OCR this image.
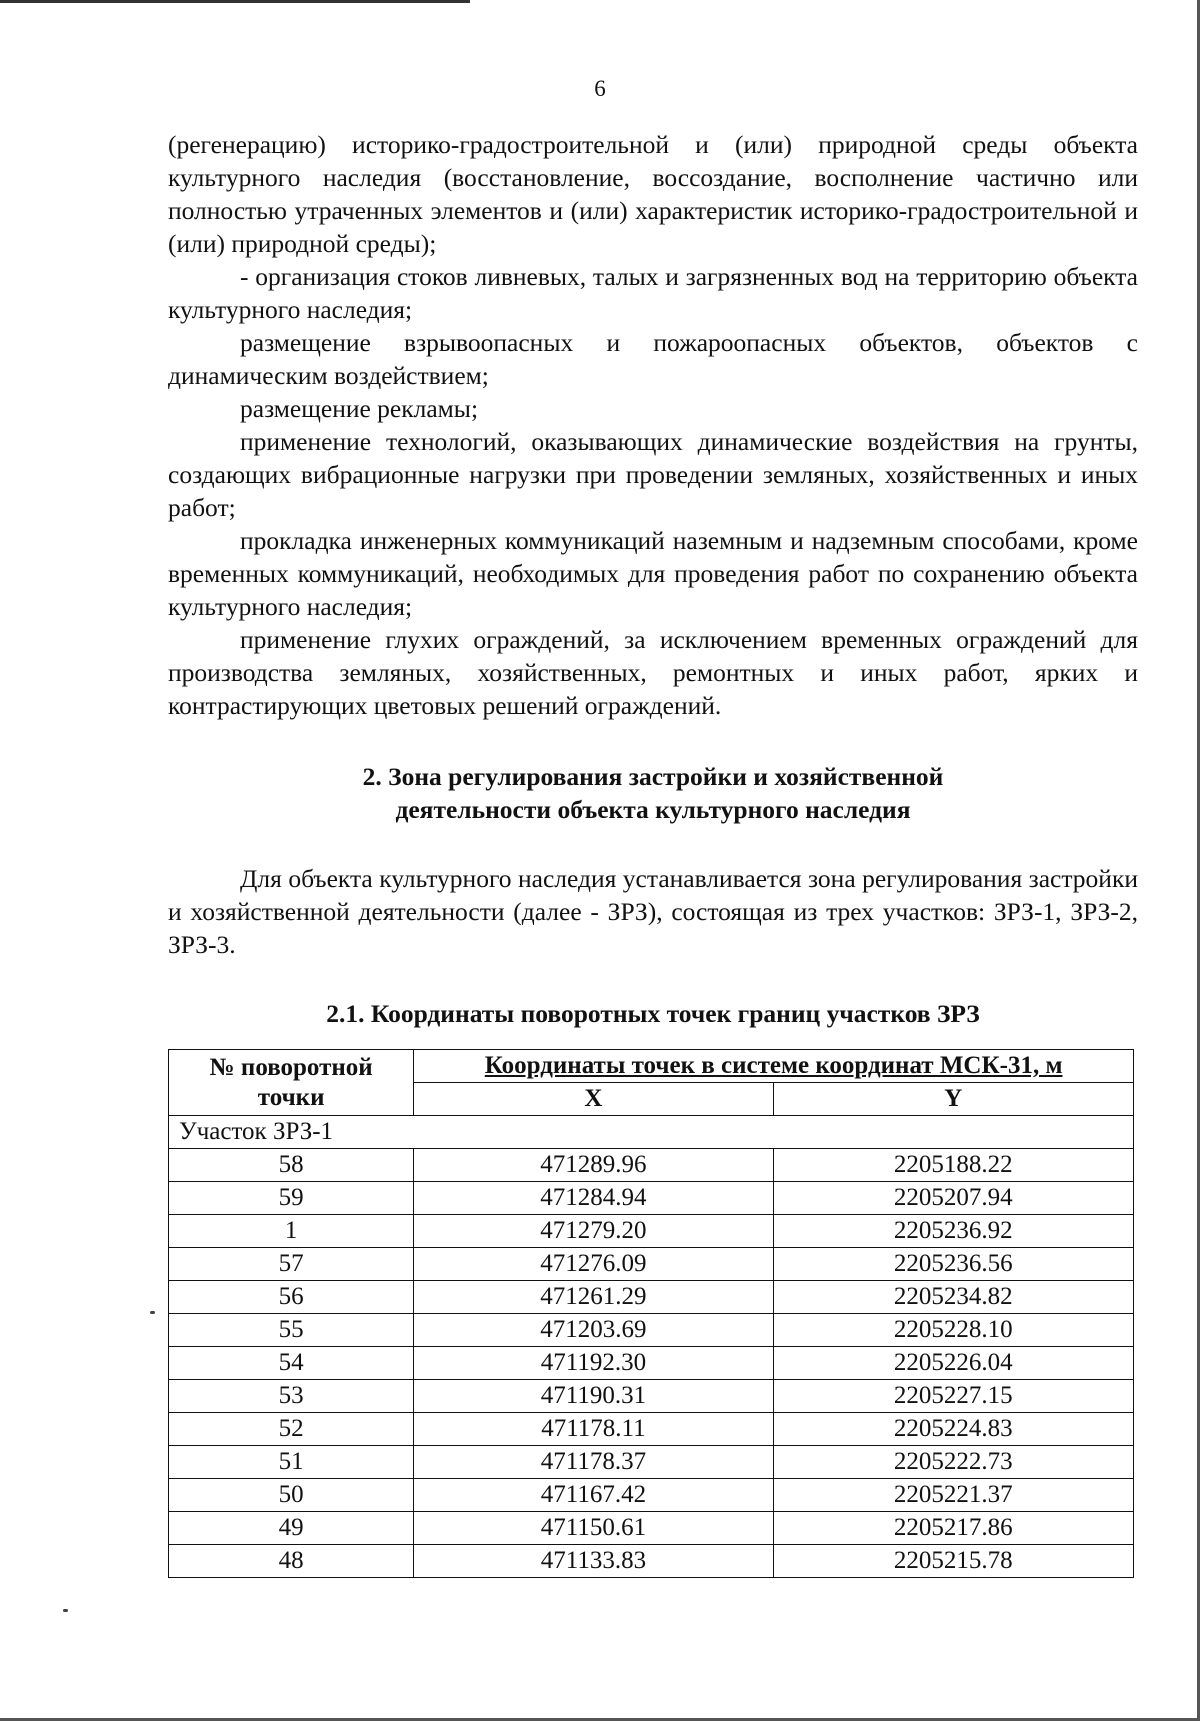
6

(регенерацию) историко-градостроительной и (или) природной среды объекта культурного наследия (восстановление, воссоздание, восполнение частично или полностью утраченных элементов и (или) характеристик историко-градостроительной и (или) природной среды);

- организация стоков ливневых, талых и загрязненных вод на территорию объекта культурного наследия;

размещение взрывоопасных и пожароопасных объектов, объектов с динамическим воздействием;

размещение рекламы;

применение технологий, оказывающих динамические воздействия на грунты, создающих вибрационные нагрузки при проведении земляных, хозяйственных и иных работ;

прокладка инженерных коммуникаций наземным и надземным способами, кроме временных коммуникаций, необходимых для проведения работ по сохранению объекта культурного наследия;

применение глухих ограждений, за исключением временных ограждений для производства земляных, хозяйственных, ремонтных и иных работ, ярких и контрастирующих цветовых решений ограждений.

2. Зона регулирования застройки и хозяйственной
деятельности объекта культурного наследия

Для объекта культурного наследия устанавливается зона регулирования застройки и хозяйственной деятельности (далее - ЗРЗ), состоящая из трех участков: ЗРЗ-1, ЗРЗ-2, ЗРЗ-3.

2.1. Координаты поворотных точек границ участков ЗРЗ
№ поворотной
точки	Координаты точек в системе координат МСК-31, м	
	X	Y
Участок ЗРЗ-1		
58	471289.96	2205188.22
59	471284.94	2205207.94
1	471279.20	2205236.92
57	471276.09	2205236.56
56	471261.29	2205234.82
55	471203.69	2205228.10
54	471192.30	2205226.04
53	471190.31	2205227.15
52	471178.11	2205224.83
51	471178.37	2205222.73
50	471167.42	2205221.37
49	471150.61	2205217.86
48	471133.83	2205215.78
